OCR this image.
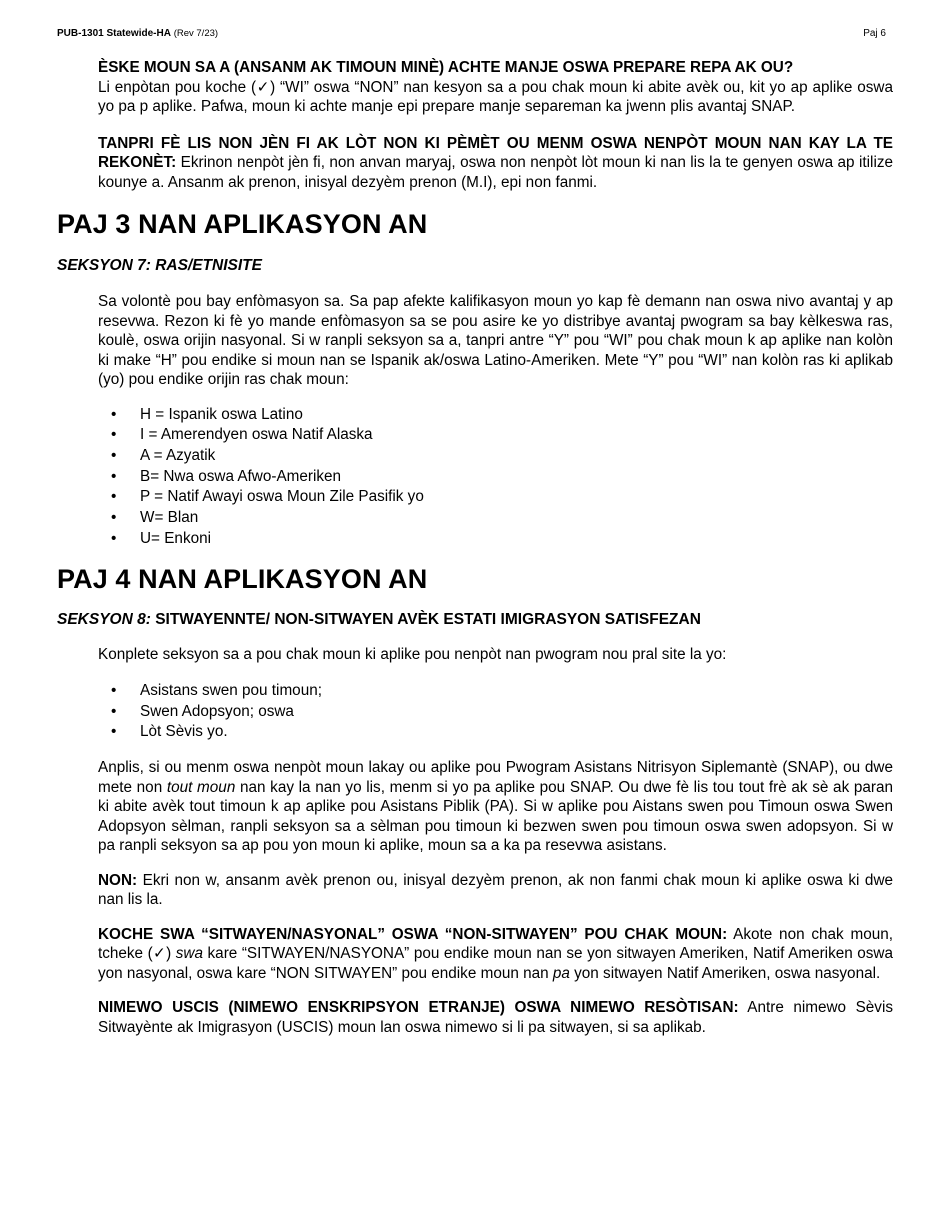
PUB-1301 Statewide-HA (Rev 7/23)	Paj 6

ÈSKE MOUN SA A (ANSANM AK TIMOUN MINÈ) ACHTE MANJE OSWA PREPARE REPA AK OU?
Li enpòtan pou koche (✓) “WI” oswa “NON” nan kesyon sa a pou chak moun ki abite avèk ou, kit yo ap aplike oswa yo pa p aplike. Pafwa, moun ki achte manje epi prepare manje separeman ka jwenn plis avantaj SNAP.

TANPRI FÈ LIS NON JÈN FI AK LÒT NON KI PÈMÈT OU MENM OSWA NENPÒT MOUN NAN KAY LA TE REKONÈT: Ekrinon nenpòt jèn fi, non anvan maryaj, oswa non nenpòt lòt moun ki nan lis la te genyen oswa ap itilize kounye a. Ansanm ak prenon, inisyal dezyèm prenon (M.I), epi non fanmi.

PAJ 3 NAN APLIKASYON AN
SEKSYON 7: RAS/ETNISITE

Sa volontè pou bay enfòmasyon sa. Sa pap afekte kalifikasyon moun yo kap fè demann nan oswa nivo avantaj y ap resevwa. Rezon ki fè yo mande enfòmasyon sa se pou asire ke yo distribye avantaj pwogram sa bay kèlkeswa ras, koulè, oswa orijin nasyonal. Si w ranpli seksyon sa a, tanpri antre “Y” pou “WI” pou chak moun k ap aplike nan kolòn ki make “H” pou endike si moun nan se Ispanik ak/oswa Latino-Ameriken. Mete “Y” pou “WI” nan kolòn ras ki aplikab (yo) pou endike orijin ras chak moun:

• H = Ispanik oswa Latino
• I = Amerendyen oswa Natif Alaska
• A = Azyatik
• B= Nwa oswa Afwo-Ameriken
• P = Natif Awayi oswa Moun Zile Pasifik yo
• W= Blan
• U= Enkoni
PAJ 4 NAN APLIKASYON AN
SEKSYON 8: SITWAYENNTE/ NON-SITWAYEN AVÈK ESTATI IMIGRASYON SATISFEZAN

Konplete seksyon sa a pou chak moun ki aplike pou nenpòt nan pwogram nou pral site la yo:

• Asistans swen pou timoun;
• Swen Adopsyon; oswa
• Lòt Sèvis yo.

Anplis, si ou menm oswa nenpòt moun lakay ou aplike pou Pwogram Asistans Nitrisyon Siplemantè (SNAP), ou dwe mete non tout moun nan kay la nan yo lis, menm si yo pa aplike pou SNAP. Ou dwe fè lis tou tout frè ak sè ak paran ki abite avèk tout timoun k ap aplike pou Asistans Piblik (PA). Si w aplike pou Aistans swen pou Timoun oswa Swen Adopsyon sèlman, ranpli seksyon sa a sèlman pou timoun ki bezwen swen pou timoun oswa swen adopsyon. Si w pa ranpli seksyon sa ap pou yon moun ki aplike, moun sa a ka pa resevwa asistans.

NON: Ekri non w, ansanm avèk prenon ou, inisyal dezyèm prenon, ak non fanmi chak moun ki aplike oswa ki dwe nan lis la.

KOCHE SWA “SITWAYEN/NASYONAL” OSWA “NON-SITWAYEN” POU CHAK MOUN: Akote non chak moun, tcheke (✓) swa kare “SITWAYEN/NASYONA” pou endike moun nan se yon sitwayen Ameriken, Natif Ameriken oswa yon nasyonal, oswa kare “NON SITWAYEN” pou endike moun nan pa yon sitwayen Natif Ameriken, oswa nasyonal.

NIMEWO USCIS (NIMEWO ENSKRIPSYON ETRANJE) OSWA NIMEWO RESÒTISAN: Antre nimewo Sèvis Sitwayènte ak Imigrasyon (USCIS) moun lan oswa nimewo si li pa sitwayen, si sa aplikab.
